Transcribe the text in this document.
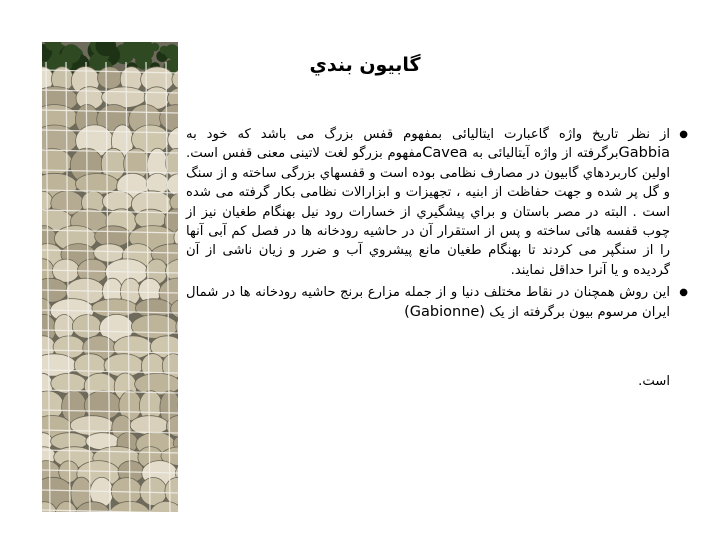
گابيون بندي
●
از نظر تاريخ واژه گاعبارت ايتاليائی بمفهوم قفس بزرگ می باشد كه خود به Gabbiaبرگرفته از واژه آيتاليائی به Caveaمفهوم بزرگو لغت لاتينی معنی قفس است. اولين كاربردهاي گابيون در مصارف نظامی بوده است و قفسهاي بزرگی ساخته و از سنگ و گل پر شده و جهت حفاظت از ابنيه ، تجهيزات و ابزارالات نظامی بكار گرفته می شده است . البته در مصر باستان و براي پيشگيري از خسارات رود نيل بهنگام طغيان نيز از چوب قفسه هائی ساخته و پس از استقرار آن در حاشيه رودخانه ها در فصل كم آبی آنها را از سنگپر می كردند تا بهنگام طغيان مانع پيشروي آب و ضرر و زيان ناشی از آن گرديده و يا آنرا حداقل نمايند.
●
اين روش همچنان در نقاط مختلف دنيا و از جمله مزارع برنج حاشيه رودخانه ها در شمال ايران مرسوم بيون برگرفته از يک (Gabionne)
است.
